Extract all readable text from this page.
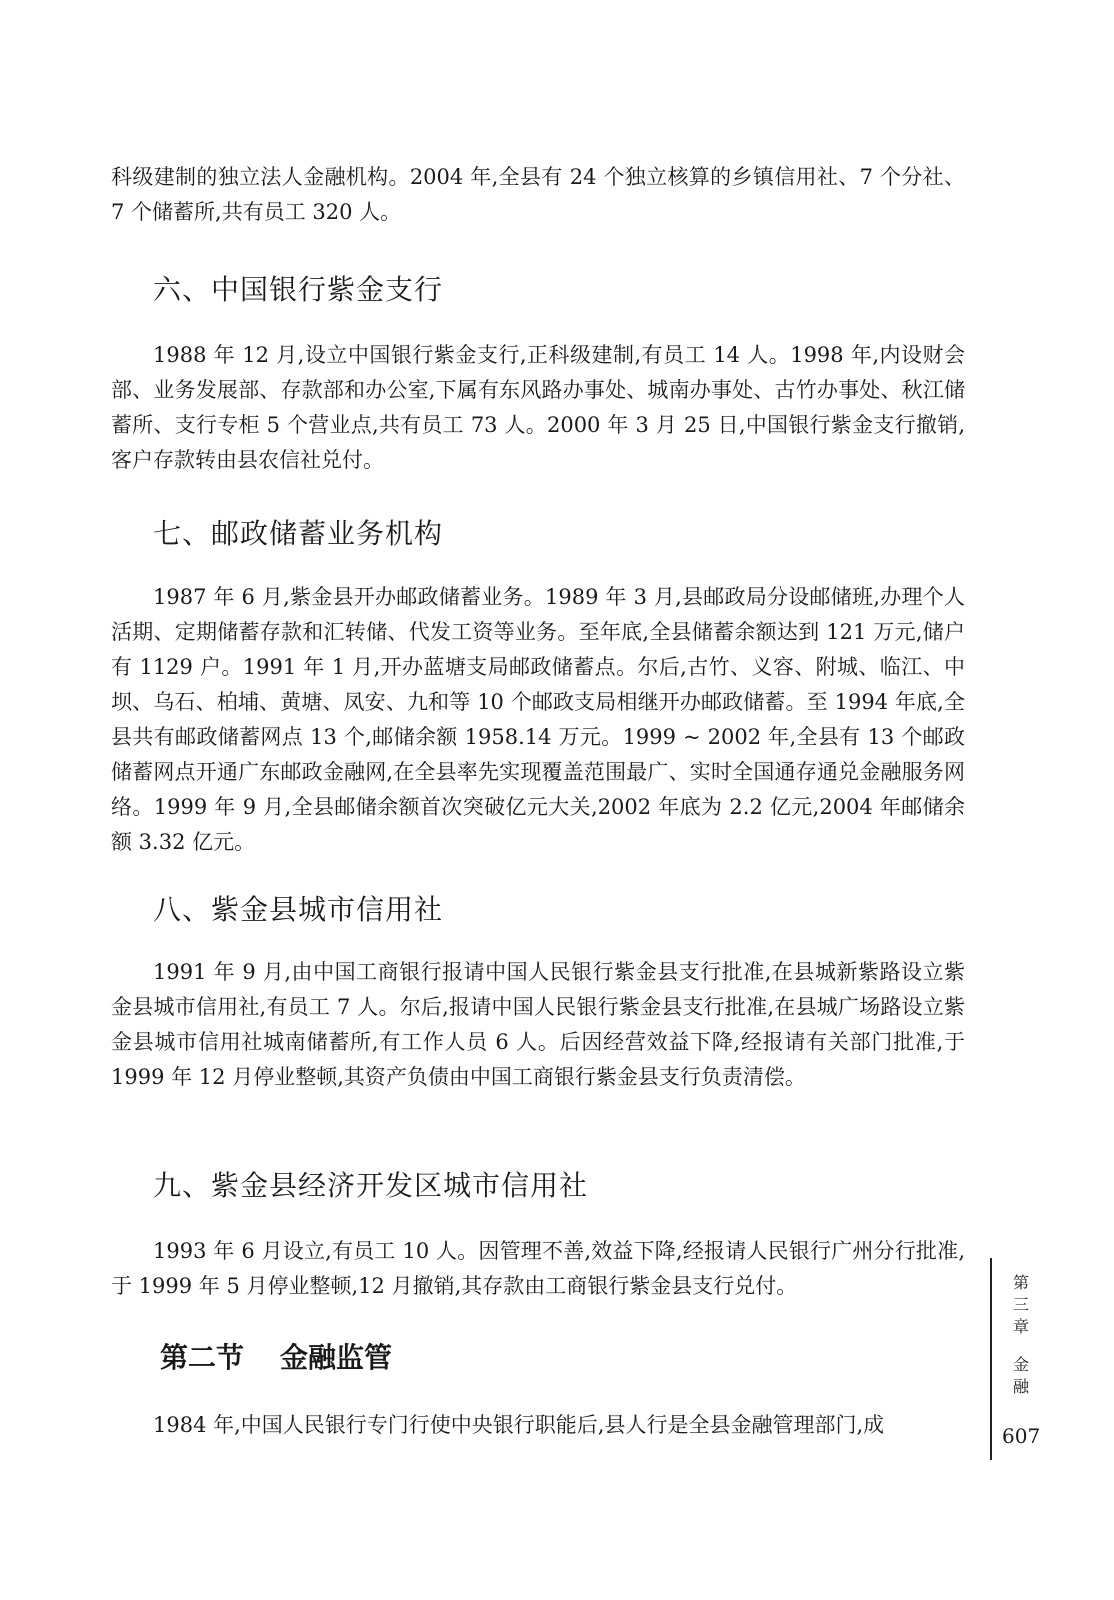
科级建制的独立法人金融机构。2004 年,全县有 24 个独立核算的乡镇信用社、7 个分社、7 个储蓄所,共有员工 320 人。

六、中国银行紫金支行

1988 年 12 月,设立中国银行紫金支行,正科级建制,有员工 14 人。1998 年,内设财会部、业务发展部、存款部和办公室,下属有东风路办事处、城南办事处、古竹办事处、秋江储蓄所、支行专柜 5 个营业点,共有员工 73 人。2000 年 3 月 25 日,中国银行紫金支行撤销,客户存款转由县农信社兑付。

七、邮政储蓄业务机构

1987 年 6 月,紫金县开办邮政储蓄业务。1989 年 3 月,县邮政局分设邮储班,办理个人活期、定期储蓄存款和汇转储、代发工资等业务。至年底,全县储蓄余额达到 121 万元,储户有 1129 户。1991 年 1 月,开办蓝塘支局邮政储蓄点。尔后,古竹、义容、附城、临江、中坝、乌石、柏埔、黄塘、凤安、九和等 10 个邮政支局相继开办邮政储蓄。至 1994 年底,全县共有邮政储蓄网点 13 个,邮储余额 1958.14 万元。1999 ~ 2002 年,全县有 13 个邮政储蓄网点开通广东邮政金融网,在全县率先实现覆盖范围最广、实时全国通存通兑金融服务网络。1999 年 9 月,全县邮储余额首次突破亿元大关,2002 年底为 2.2 亿元,2004 年邮储余额 3.32 亿元。

八、紫金县城市信用社

1991 年 9 月,由中国工商银行报请中国人民银行紫金县支行批准,在县城新紫路设立紫金县城市信用社,有员工 7 人。尔后,报请中国人民银行紫金县支行批准,在县城广场路设立紫金县城市信用社城南储蓄所,有工作人员 6 人。后因经营效益下降,经报请有关部门批准,于 1999 年 12 月停业整顿,其资产负债由中国工商银行紫金县支行负责清偿。

九、紫金县经济开发区城市信用社

1993 年 6 月设立,有员工 10 人。因管理不善,效益下降,经报请人民银行广州分行批准,于 1999 年 5 月停业整顿,12 月撤销,其存款由工商银行紫金县支行兑付。

第二节 金融监管

1984 年,中国人民银行专门行使中央银行职能后,县人行是全县金融管理部门,成

第
三
章
金
融
607
